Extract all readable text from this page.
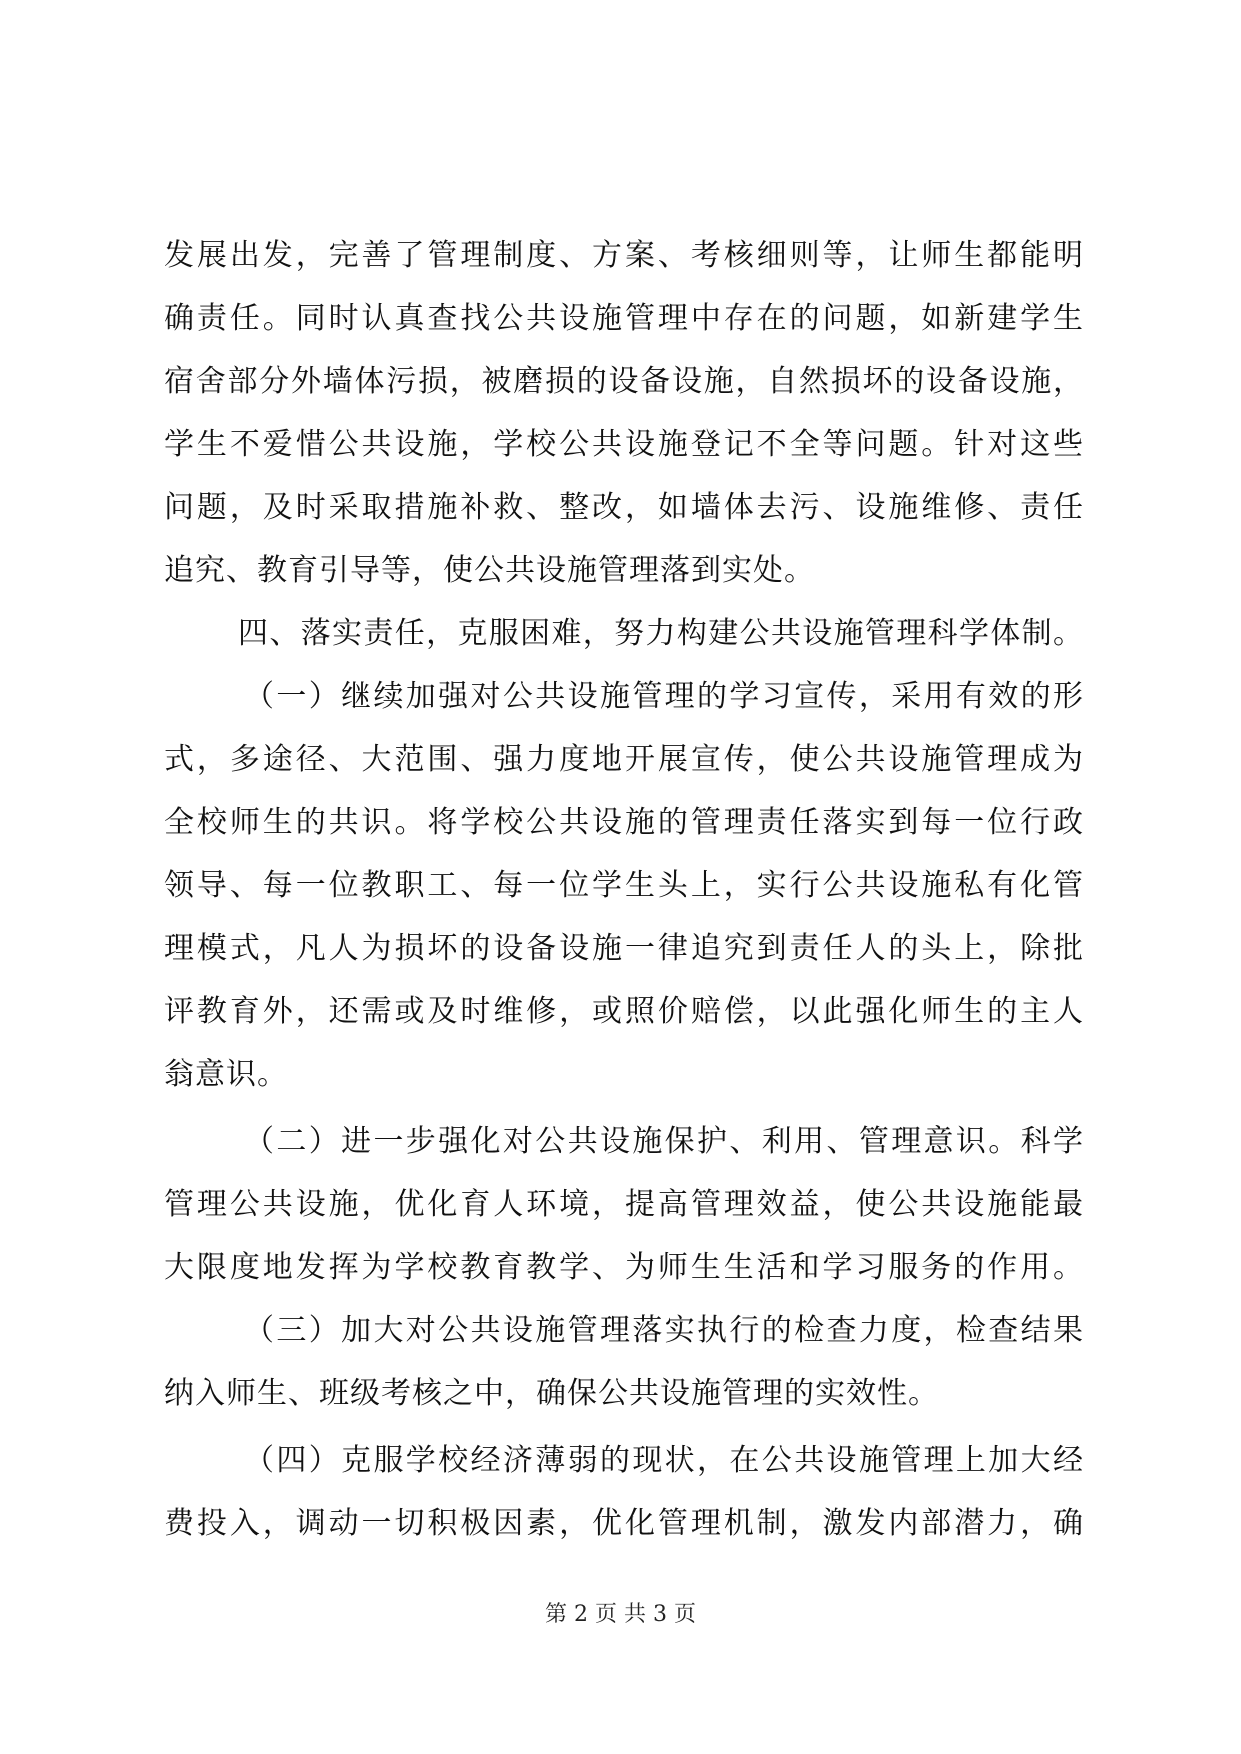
发展出发，完善了管理制度、方案、考核细则等，让师生都能明
确责任。同时认真查找公共设施管理中存在的问题，如新建学生
宿舍部分外墙体污损，被磨损的设备设施，自然损坏的设备设施，
学生不爱惜公共设施，学校公共设施登记不全等问题。针对这些
问题，及时采取措施补救、整改，如墙体去污、设施维修、责任
追究、教育引导等，使公共设施管理落到实处。
四、落实责任，克服困难，努力构建公共设施管理科学体制。
（一）继续加强对公共设施管理的学习宣传，采用有效的形
式，多途径、大范围、强力度地开展宣传，使公共设施管理成为
全校师生的共识。将学校公共设施的管理责任落实到每一位行政
领导、每一位教职工、每一位学生头上，实行公共设施私有化管
理模式，凡人为损坏的设备设施一律追究到责任人的头上，除批
评教育外，还需或及时维修，或照价赔偿，以此强化师生的主人
翁意识。
（二）进一步强化对公共设施保护、利用、管理意识。科学
管理公共设施，优化育人环境，提高管理效益，使公共设施能最
大限度地发挥为学校教育教学、为师生生活和学习服务的作用。
（三）加大对公共设施管理落实执行的检查力度，检查结果
纳入师生、班级考核之中，确保公共设施管理的实效性。
（四）克服学校经济薄弱的现状，在公共设施管理上加大经
费投入，调动一切积极因素，优化管理机制，激发内部潜力，确
第 2 页 共 3 页
